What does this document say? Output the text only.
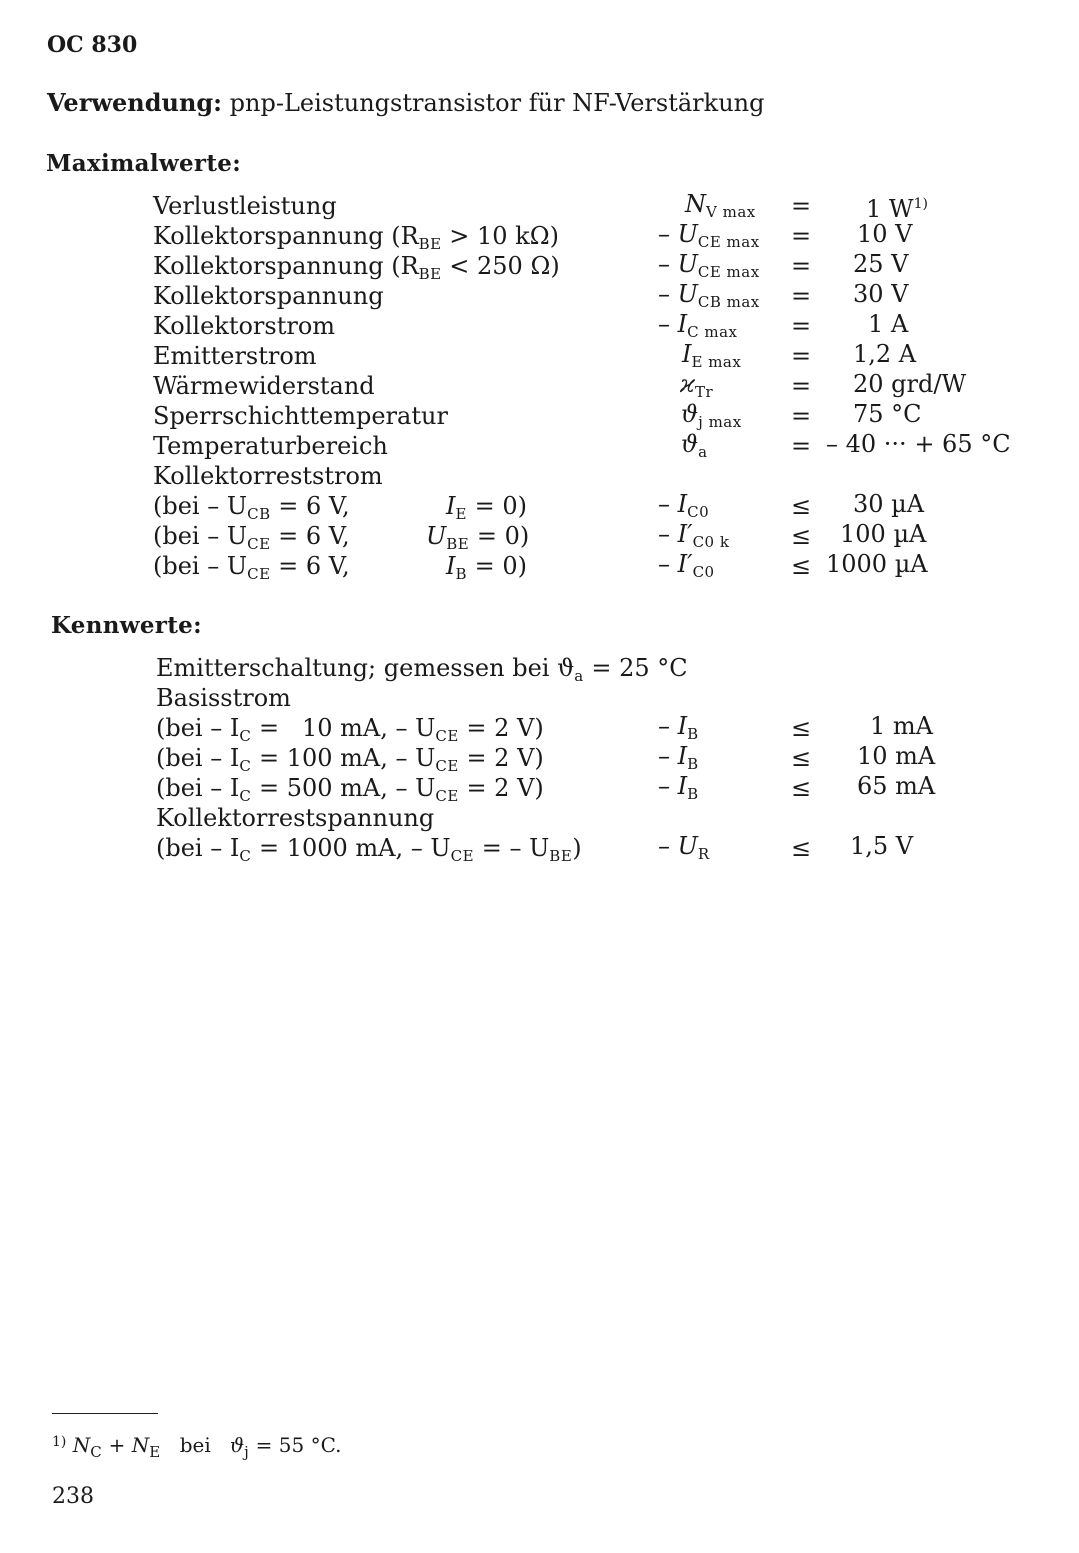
OC 830
Verwendung: pnp-Leistungstransistor für NF-Verstärkung
Maximalwerte:
Verlustleistung	$N_{V max} = 1$ $W^{1)}$
Kollektorspannung ($R_{BE} > 10$ kΩ)	– $U_{CE max} = 10$ V
Kollektorspannung ($R_{BE} < 250$ Ω)	– $U_{CE max} = 25$ V
Kollektorspannung	– $U_{CB max} = 30$ V
Kollektorstrom	– $I_{C max} = 1$ A
Emitterstrom	$I_{E max} = 1,2$ A
Wärmewiderstand	$ϰ_{Tr}$	= 20 grd/W
Sperrschichttemperatur	$ϑ_{j max} = 75$ °C
Temperaturbereich	$ϑ_a$	= – 40 ··· + 65 °C
Kollektorreststrom
($bei - U_{CB} = 6$ V,	$I_E = 0$)	– $I_{C0}$	≤ 30 µA
($bei - U_{CE} = 6$ V,	$U_{BE} = 0$)	– $I'_{C0 k}$	≤ 100 µA
($bei - U_{CE} = 6$ V,	$I_B = 0$)	– $I'_{C0}$	≤ 1000 µA
Kennwerte:
Emitterschaltung; gemessen bei $ϑ_a = 25$ °C
Basisstrom
($bei - I_C = 10$ mA, – $U_{CE} = 2$ V)	– $I_B$	≤ 1 mA
($bei - I_C = 100$ mA, – $U_{CE} = 2$ V)	– $I_B$	≤ 10 mA
($bei - I_C = 500$ mA, – $U_{CE} = 2$ V)	– $I_B$	≤ 65 mA
Kollektorrestspannung
($bei - I_C = 1000$ mA, – $U_{CE}$ = – $U_{BE}$)	– $U_R$	≤ 1,5 V
$^{1)}$ $N_C + N_E$ bei $ϑ_j = 55$ °C.
238
